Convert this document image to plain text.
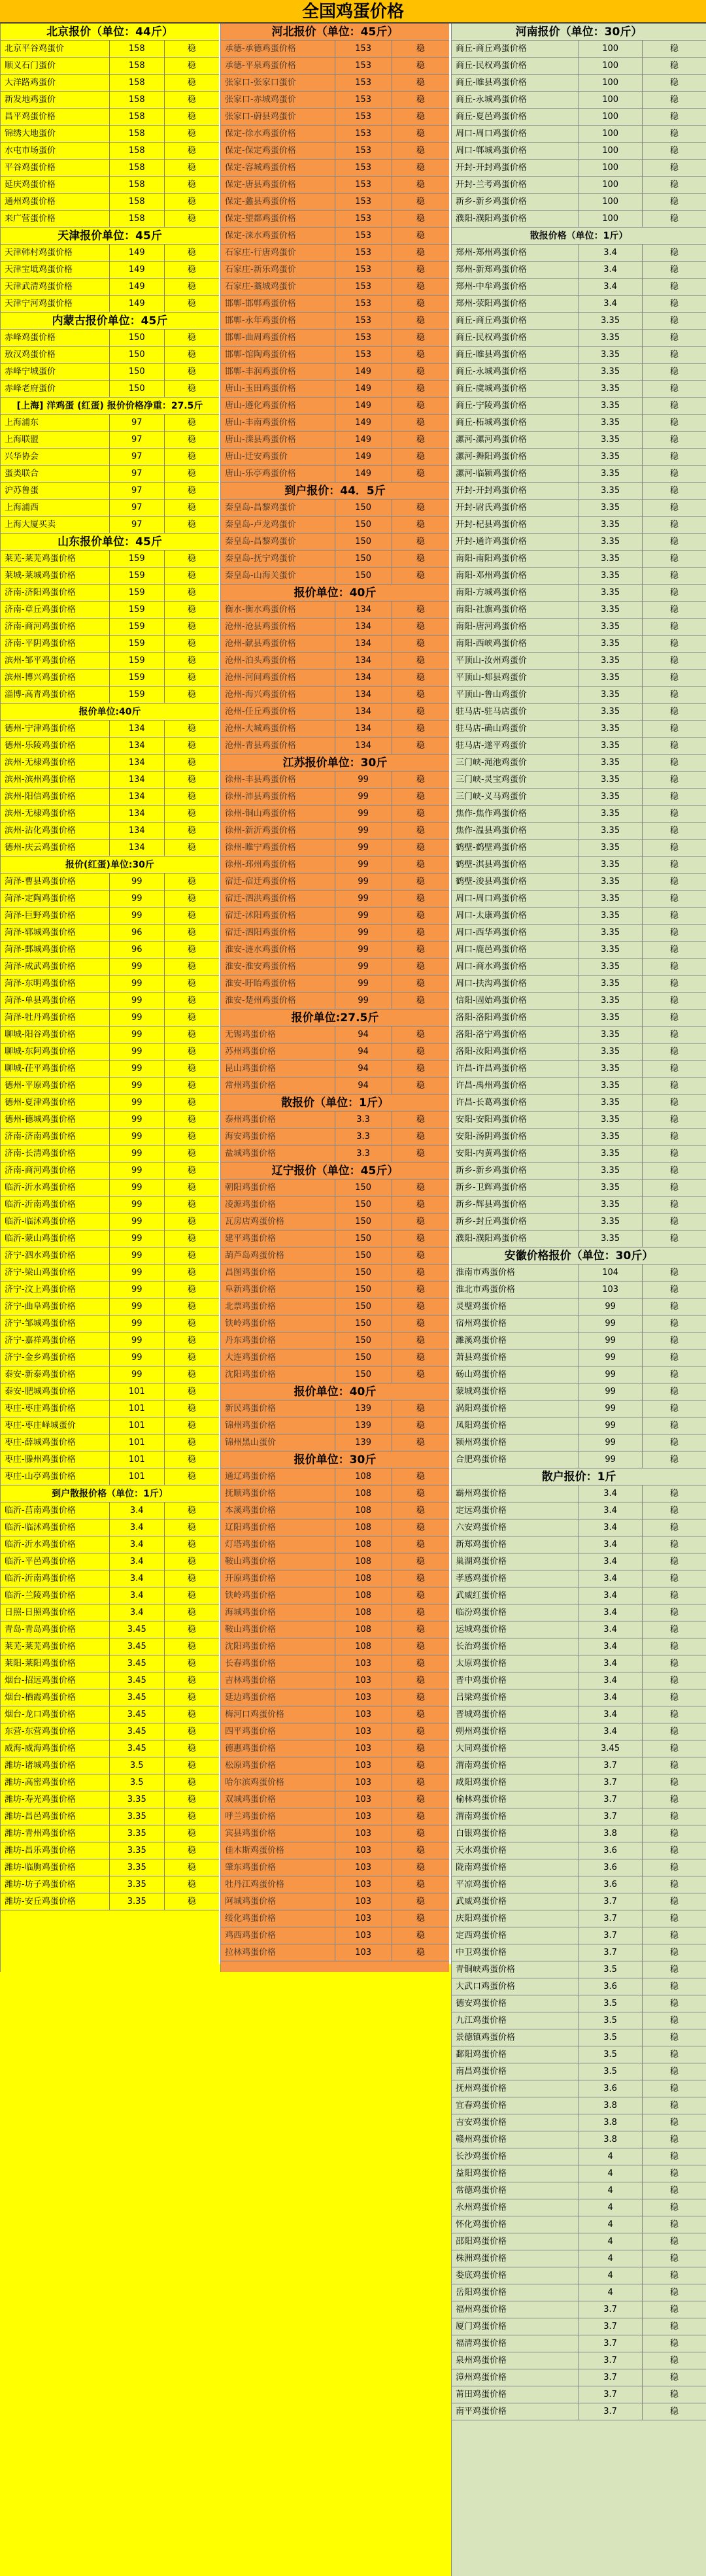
全国鸡蛋价格
北京报价（单位：44斤）
北京平谷鸡蛋价	158	稳
顺义石门蛋价	158	稳
大洋路鸡蛋价	158	稳
新发地鸡蛋价	158	稳
昌平鸡蛋价格	158	稳
锦绣大地蛋价	158	稳
水屯市场蛋价	158	稳
平谷鸡蛋价格	158	稳
延庆鸡蛋价格	158	稳
通州鸡蛋价格	158	稳
来广营蛋价格	158	稳
天津报价单位：45斤
天津韩村鸡蛋价格	149	稳
天津宝坻鸡蛋价格	149	稳
天津武清鸡蛋价格	149	稳
天津宁河鸡蛋价格	149	稳
内蒙古报价单位：45斤
赤峰鸡蛋价格	150	稳
敖汉鸡蛋价格	150	稳
赤峰宁城蛋价	150	稳
赤峰老府蛋价	150	稳
[上海] 洋鸡蛋 (红蛋) 报价价格净重：27.5斤
上海浦东	97	稳
上海联盟	97	稳
兴华协会	97	稳
蛋类联合	97	稳
沪苏鲁蛋	97	稳
上海浦西	97	稳
上海大厦买卖	97	稳
山东报价单位：45斤
莱芜-莱芜鸡蛋价格	159	稳
莱城-莱城鸡蛋价格	159	稳
济南-济阳鸡蛋价格	159	稳
济南-章丘鸡蛋价格	159	稳
济南-商河鸡蛋价格	159	稳
济南-平阴鸡蛋价格	159	稳
滨州-邹平鸡蛋价格	159	稳
滨州-博兴鸡蛋价格	159	稳
淄博-高青鸡蛋价格	159	稳
报价单位:40斤
德州-宁津鸡蛋价格	134	稳
德州-乐陵鸡蛋价格	134	稳
滨州-无棣鸡蛋价格	134	稳
滨州-滨州鸡蛋价格	134	稳
滨州-阳信鸡蛋价格	134	稳
滨州-无棣鸡蛋价格	134	稳
滨州-沾化鸡蛋价格	134	稳
德州-庆云鸡蛋价格	134	稳
报价(红蛋)单位:30斤
菏泽-曹县鸡蛋价格	99	稳
菏泽-定陶鸡蛋价格	99	稳
菏泽-巨野鸡蛋价格	99	稳
菏泽-郓城鸡蛋价格	96	稳
菏泽-鄄城鸡蛋价格	96	稳
菏泽-成武鸡蛋价格	99	稳
菏泽-东明鸡蛋价格	99	稳
菏泽-单县鸡蛋价格	99	稳
菏泽-牡丹鸡蛋价格	99	稳
聊城-阳谷鸡蛋价格	99	稳
聊城-东阿鸡蛋价格	99	稳
聊城-茌平鸡蛋价格	99	稳
德州-平原鸡蛋价格	99	稳
德州-夏津鸡蛋价格	99	稳
德州-德城鸡蛋价格	99	稳
济南-济南鸡蛋价格	99	稳
济南-长清鸡蛋价格	99	稳
济南-商河鸡蛋价格	99	稳
临沂-沂水鸡蛋价格	99	稳
临沂-沂南鸡蛋价格	99	稳
临沂-临沭鸡蛋价格	99	稳
临沂-蒙山鸡蛋价格	99	稳
济宁-泗水鸡蛋价格	99	稳
济宁-梁山鸡蛋价格	99	稳
济宁-汶上鸡蛋价格	99	稳
济宁-曲阜鸡蛋价格	99	稳
济宁-邹城鸡蛋价格	99	稳
济宁-嘉祥鸡蛋价格	99	稳
济宁-金乡鸡蛋价格	99	稳
泰安-新泰鸡蛋价格	99	稳
泰安-肥城鸡蛋价格	101	稳
枣庄-枣庄鸡蛋价格	101	稳
枣庄-枣庄峄城蛋价	101	稳
枣庄-薛城鸡蛋价格	101	稳
枣庄-滕州鸡蛋价格	101	稳
枣庄-山亭鸡蛋价格	101	稳
到户散报价格（单位：1斤）
临沂-莒南鸡蛋价格	3.4	稳
临沂-临沭鸡蛋价格	3.4	稳
临沂-沂水鸡蛋价格	3.4	稳
临沂-平邑鸡蛋价格	3.4	稳
临沂-沂南鸡蛋价格	3.4	稳
临沂-兰陵鸡蛋价格	3.4	稳
日照-日照鸡蛋价格	3.4	稳
青岛-青岛鸡蛋价格	3.45	稳
莱芜-莱芜鸡蛋价格	3.45	稳
莱阳-莱阳鸡蛋价格	3.45	稳
烟台-招远鸡蛋价格	3.45	稳
烟台-栖霞鸡蛋价格	3.45	稳
烟台-龙口鸡蛋价格	3.45	稳
东营-东营鸡蛋价格	3.45	稳
威海-威海鸡蛋价格	3.45	稳
潍坊-诸城鸡蛋价格	3.5	稳
潍坊-高密鸡蛋价格	3.5	稳
潍坊-寿光鸡蛋价格	3.35	稳
潍坊-昌邑鸡蛋价格	3.35	稳
潍坊-青州鸡蛋价格	3.35	稳
潍坊-昌乐鸡蛋价格	3.35	稳
潍坊-临朐鸡蛋价格	3.35	稳
潍坊-坊子鸡蛋价格	3.35	稳
潍坊-安丘鸡蛋价格	3.35	稳
河北报价（单位：45斤）
承德-承德鸡蛋价格	153	稳
承德-平泉鸡蛋价格	153	稳
张家口-张家口蛋价	153	稳
张家口-赤城鸡蛋价	153	稳
张家口-蔚县鸡蛋价	153	稳
保定-徐水鸡蛋价格	153	稳
保定-保定鸡蛋价格	153	稳
保定-容城鸡蛋价格	153	稳
保定-唐县鸡蛋价格	153	稳
保定-蠡县鸡蛋价格	153	稳
保定-望都鸡蛋价格	153	稳
保定-涞水鸡蛋价格	153	稳
石家庄-行唐鸡蛋价	153	稳
石家庄-新乐鸡蛋价	153	稳
石家庄-藁城鸡蛋价	153	稳
邯郸-邯郸鸡蛋价格	153	稳
邯郸-永年鸡蛋价格	153	稳
邯郸-曲周鸡蛋价格	153	稳
邯郸-馆陶鸡蛋价格	153	稳
邯郸-丰润鸡蛋价格	149	稳
唐山-玉田鸡蛋价格	149	稳
唐山-遵化鸡蛋价格	149	稳
唐山-丰南鸡蛋价格	149	稳
唐山-滦县鸡蛋价格	149	稳
唐山-迁安鸡蛋价	149	稳
唐山-乐亭鸡蛋价格	149	稳
到户报价：44．5斤
秦皇岛-昌黎鸡蛋价	150	稳
秦皇岛-卢龙鸡蛋价	150	稳
秦皇岛-昌黎鸡蛋价	150	稳
秦皇岛-抚宁鸡蛋价	150	稳
秦皇岛-山海关蛋价	150	稳
报价单位：40斤
衡水-衡水鸡蛋价格	134	稳
沧州-沧县鸡蛋价格	134	稳
沧州-献县鸡蛋价格	134	稳
沧州-泊头鸡蛋价格	134	稳
沧州-河间鸡蛋价格	134	稳
沧州-海兴鸡蛋价格	134	稳
沧州-任丘鸡蛋价格	134	稳
沧州-大城鸡蛋价格	134	稳
沧州-青县鸡蛋价格	134	稳
江苏报价单位：30斤
徐州-丰县鸡蛋价格	99	稳
徐州-沛县鸡蛋价格	99	稳
徐州-铜山鸡蛋价格	99	稳
徐州-新沂鸡蛋价格	99	稳
徐州-睢宁鸡蛋价格	99	稳
徐州-邳州鸡蛋价格	99	稳
宿迁-宿迁鸡蛋价格	99	稳
宿迁-泗洪鸡蛋价格	99	稳
宿迁-沭阳鸡蛋价格	99	稳
宿迁-泗阳鸡蛋价格	99	稳
淮安-涟水鸡蛋价格	99	稳
淮安-淮安鸡蛋价格	99	稳
淮安-盱眙鸡蛋价格	99	稳
淮安-楚州鸡蛋价格	99	稳
报价单位:27.5斤
无锡鸡蛋价格	94	稳
苏州鸡蛋价格	94	稳
昆山鸡蛋价格	94	稳
常州鸡蛋价格	94	稳
散报价（单位：1斤）
泰州鸡蛋价格	3.3	稳
海安鸡蛋价格	3.3	稳
盐城鸡蛋价格	3.3	稳
辽宁报价（单位：45斤）
朝阳鸡蛋价格	150	稳
凌源鸡蛋价格	150	稳
瓦房店鸡蛋价格	150	稳
建平鸡蛋价格	150	稳
葫芦岛鸡蛋价格	150	稳
昌图鸡蛋价格	150	稳
阜新鸡蛋价格	150	稳
北票鸡蛋价格	150	稳
铁岭鸡蛋价格	150	稳
丹东鸡蛋价格	150	稳
大连鸡蛋价格	150	稳
沈阳鸡蛋价格	150	稳
报价单位：40斤
新民鸡蛋价格	139	稳
锦州鸡蛋价格	139	稳
锦州黑山蛋价	139	稳
报价单位：30斤
通辽鸡蛋价格	108	稳
抚顺鸡蛋价格	108	稳
本溪鸡蛋价格	108	稳
辽阳鸡蛋价格	108	稳
灯塔鸡蛋价格	108	稳
鞍山鸡蛋价格	108	稳
开原鸡蛋价格	108	稳
铁岭鸡蛋价格	108	稳
海城鸡蛋价格	108	稳
鞍山鸡蛋价格	108	稳
沈阳鸡蛋价格	108	稳
长春鸡蛋价格	103	稳
吉林鸡蛋价格	103	稳
延边鸡蛋价格	103	稳
梅河口鸡蛋价格	103	稳
四平鸡蛋价格	103	稳
德惠鸡蛋价格	103	稳
松原鸡蛋价格	103	稳
哈尔滨鸡蛋价格	103	稳
双城鸡蛋价格	103	稳
呼兰鸡蛋价格	103	稳
宾县鸡蛋价格	103	稳
佳木斯鸡蛋价格	103	稳
肇东鸡蛋价格	103	稳
牡丹江鸡蛋价格	103	稳
阿城鸡蛋价格	103	稳
绥化鸡蛋价格	103	稳
鸡西鸡蛋价格	103	稳
拉林鸡蛋价格	103	稳
河南报价（单位：30斤）
商丘-商丘鸡蛋价格	100	稳
商丘-民权鸡蛋价格	100	稳
商丘-睢县鸡蛋价格	100	稳
商丘-永城鸡蛋价格	100	稳
商丘-夏邑鸡蛋价格	100	稳
周口-周口鸡蛋价格	100	稳
周口-郸城鸡蛋价格	100	稳
开封-开封鸡蛋价格	100	稳
开封-兰考鸡蛋价格	100	稳
新乡-新乡鸡蛋价格	100	稳
濮阳-濮阳鸡蛋价格	100	稳
散报价格（单位：1斤）
郑州-郑州鸡蛋价格	3.4	稳
郑州-新郑鸡蛋价格	3.4	稳
郑州-中牟鸡蛋价格	3.4	稳
郑州-荥阳鸡蛋价格	3.4	稳
商丘-商丘鸡蛋价格	3.35	稳
商丘-民权鸡蛋价格	3.35	稳
商丘-睢县鸡蛋价格	3.35	稳
商丘-永城鸡蛋价格	3.35	稳
商丘-虞城鸡蛋价格	3.35	稳
商丘-宁陵鸡蛋价格	3.35	稳
商丘-柘城鸡蛋价格	3.35	稳
漯河-漯河鸡蛋价格	3.35	稳
漯河-舞阳鸡蛋价格	3.35	稳
漯河-临颍鸡蛋价格	3.35	稳
开封-开封鸡蛋价格	3.35	稳
开封-尉氏鸡蛋价格	3.35	稳
开封-杞县鸡蛋价格	3.35	稳
开封-通许鸡蛋价格	3.35	稳
南阳-南阳鸡蛋价格	3.35	稳
南阳-邓州鸡蛋价格	3.35	稳
南阳-方城鸡蛋价格	3.35	稳
南阳-社旗鸡蛋价格	3.35	稳
南阳-唐河鸡蛋价格	3.35	稳
南阳-西峡鸡蛋价格	3.35	稳
平顶山-汝州鸡蛋价	3.35	稳
平顶山-郏县鸡蛋价	3.35	稳
平顶山-鲁山鸡蛋价	3.35	稳
驻马店-驻马店蛋价	3.35	稳
驻马店-确山鸡蛋价	3.35	稳
驻马店-遂平鸡蛋价	3.35	稳
三门峡-渑池鸡蛋价	3.35	稳
三门峡-灵宝鸡蛋价	3.35	稳
三门峡-义马鸡蛋价	3.35	稳
焦作-焦作鸡蛋价格	3.35	稳
焦作-温县鸡蛋价格	3.35	稳
鹤壁-鹤壁鸡蛋价格	3.35	稳
鹤壁-淇县鸡蛋价格	3.35	稳
鹤壁-浚县鸡蛋价格	3.35	稳
周口-周口鸡蛋价格	3.35	稳
周口-太康鸡蛋价格	3.35	稳
周口-西华鸡蛋价格	3.35	稳
周口-鹿邑鸡蛋价格	3.35	稳
周口-商水鸡蛋价格	3.35	稳
周口-扶沟鸡蛋价格	3.35	稳
信阳-固始鸡蛋价格	3.35	稳
洛阳-洛阳鸡蛋价格	3.35	稳
洛阳-洛宁鸡蛋价格	3.35	稳
洛阳-汝阳鸡蛋价格	3.35	稳
许昌-许昌鸡蛋价格	3.35	稳
许昌-禹州鸡蛋价格	3.35	稳
许昌-长葛鸡蛋价格	3.35	稳
安阳-安阳鸡蛋价格	3.35	稳
安阳-汤阴鸡蛋价格	3.35	稳
安阳-内黄鸡蛋价格	3.35	稳
新乡-新乡鸡蛋价格	3.35	稳
新乡-卫辉鸡蛋价格	3.35	稳
新乡-辉县鸡蛋价格	3.35	稳
新乡-封丘鸡蛋价格	3.35	稳
濮阳-濮阳鸡蛋价格	3.35	稳
安徽价格报价（单位：30斤）
淮南市鸡蛋价格	104	稳
淮北市鸡蛋价格	103	稳
灵璧鸡蛋价格	99	稳
宿州鸡蛋价格	99	稳
濉溪鸡蛋价格	99	稳
萧县鸡蛋价格	99	稳
砀山鸡蛋价格	99	稳
蒙城鸡蛋价格	99	稳
涡阳鸡蛋价格	99	稳
凤阳鸡蛋价格	99	稳
颍州鸡蛋价格	99	稳
合肥鸡蛋价格	99	稳
散户报价：1斤
霸州鸡蛋价格	3.4	稳
定远鸡蛋价格	3.4	稳
六安鸡蛋价格	3.4	稳
新郑鸡蛋价格	3.4	稳
巢湖鸡蛋价格	3.4	稳
孝感鸡蛋价格	3.4	稳
武威红蛋价格	3.4	稳
临汾鸡蛋价格	3.4	稳
运城鸡蛋价格	3.4	稳
长治鸡蛋价格	3.4	稳
太原鸡蛋价格	3.4	稳
晋中鸡蛋价格	3.4	稳
吕梁鸡蛋价格	3.4	稳
晋城鸡蛋价格	3.4	稳
朔州鸡蛋价格	3.4	稳
大同鸡蛋价格	3.45	稳
渭南鸡蛋价格	3.7	稳
咸阳鸡蛋价格	3.7	稳
榆林鸡蛋价格	3.7	稳
渭南鸡蛋价格	3.7	稳
白银鸡蛋价格	3.8	稳
天水鸡蛋价格	3.6	稳
陇南鸡蛋价格	3.6	稳
平凉鸡蛋价格	3.6	稳
武威鸡蛋价格	3.7	稳
庆阳鸡蛋价格	3.7	稳
定西鸡蛋价格	3.7	稳
中卫鸡蛋价格	3.7	稳
青铜峡鸡蛋价格	3.5	稳
大武口鸡蛋价格	3.6	稳
德安鸡蛋价格	3.5	稳
九江鸡蛋价格	3.5	稳
景德镇鸡蛋价格	3.5	稳
鄱阳鸡蛋价格	3.5	稳
南昌鸡蛋价格	3.5	稳
抚州鸡蛋价格	3.6	稳
宜春鸡蛋价格	3.8	稳
吉安鸡蛋价格	3.8	稳
赣州鸡蛋价格	3.8	稳
长沙鸡蛋价格	4	稳
益阳鸡蛋价格	4	稳
常德鸡蛋价格	4	稳
永州鸡蛋价格	4	稳
怀化鸡蛋价格	4	稳
邵阳鸡蛋价格	4	稳
株洲鸡蛋价格	4	稳
娄底鸡蛋价格	4	稳
岳阳鸡蛋价格	4	稳
福州鸡蛋价格	3.7	稳
厦门鸡蛋价格	3.7	稳
福清鸡蛋价格	3.7	稳
泉州鸡蛋价格	3.7	稳
漳州鸡蛋价格	3.7	稳
莆田鸡蛋价格	3.7	稳
南平鸡蛋价格	3.7	稳
